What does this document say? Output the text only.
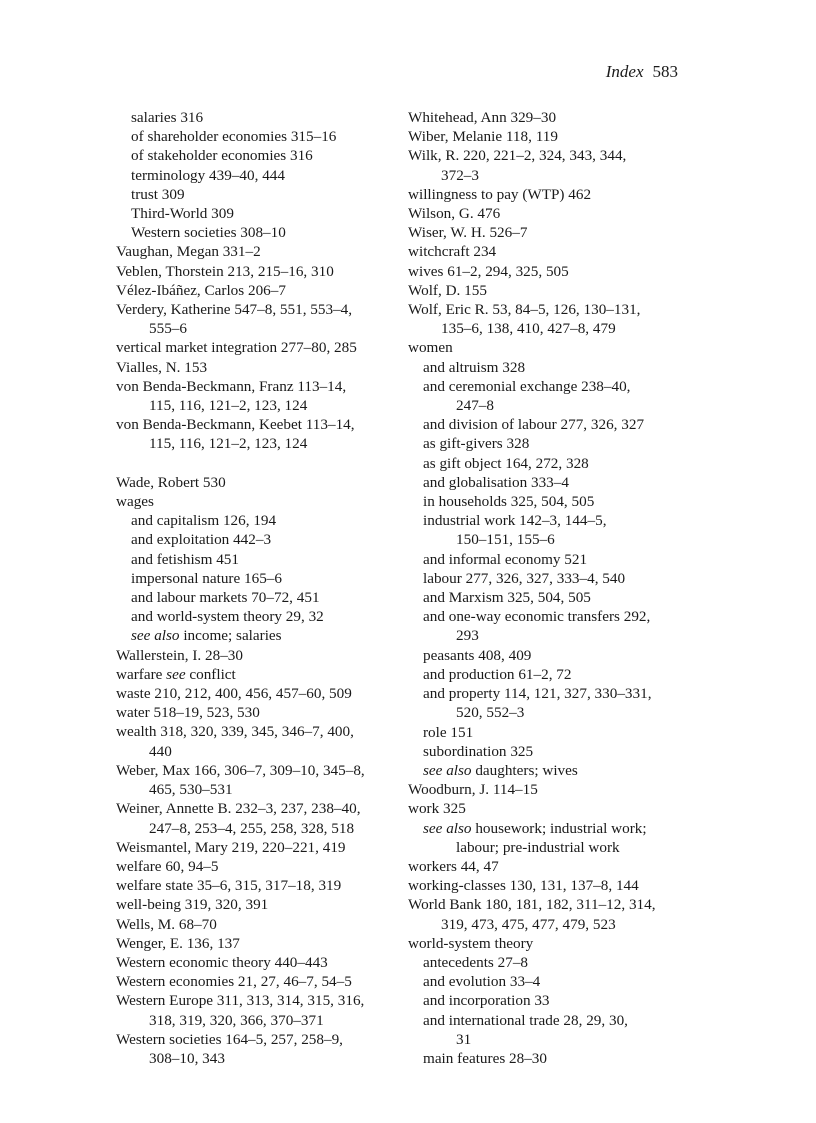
Index 583
salaries 316
of shareholder economies 315–16
of stakeholder economies 316
terminology 439–40, 444
trust 309
Third-World 309
Western societies 308–10
Vaughan, Megan 331–2
Veblen, Thorstein 213, 215–16, 310
Vélez-Ibáñez, Carlos 206–7
Verdery, Katherine 547–8, 551, 553–4,
555–6
vertical market integration 277–80, 285
Vialles, N. 153
von Benda-Beckmann, Franz 113–14,
115, 116, 121–2, 123, 124
von Benda-Beckmann, Keebet 113–14,
115, 116, 121–2, 123, 124
Wade, Robert 530
wages
and capitalism 126, 194
and exploitation 442–3
and fetishism 451
impersonal nature 165–6
and labour markets 70–72, 451
and world-system theory 29, 32
see also income; salaries
Wallerstein, I. 28–30
warfare see conflict
waste 210, 212, 400, 456, 457–60, 509
water 518–19, 523, 530
wealth 318, 320, 339, 345, 346–7, 400,
440
Weber, Max 166, 306–7, 309–10, 345–8,
465, 530–531
Weiner, Annette B. 232–3, 237, 238–40,
247–8, 253–4, 255, 258, 328, 518
Weismantel, Mary 219, 220–221, 419
welfare 60, 94–5
welfare state 35–6, 315, 317–18, 319
well-being 319, 320, 391
Wells, M. 68–70
Wenger, E. 136, 137
Western economic theory 440–443
Western economies 21, 27, 46–7, 54–5
Western Europe 311, 313, 314, 315, 316,
318, 319, 320, 366, 370–371
Western societies 164–5, 257, 258–9,
308–10, 343
Whitehead, Ann 329–30
Wiber, Melanie 118, 119
Wilk, R. 220, 221–2, 324, 343, 344,
372–3
willingness to pay (WTP) 462
Wilson, G. 476
Wiser, W. H. 526–7
witchcraft 234
wives 61–2, 294, 325, 505
Wolf, D. 155
Wolf, Eric R. 53, 84–5, 126, 130–131,
135–6, 138, 410, 427–8, 479
women
and altruism 328
and ceremonial exchange 238–40,
247–8
and division of labour 277, 326, 327
as gift-givers 328
as gift object 164, 272, 328
and globalisation 333–4
in households 325, 504, 505
industrial work 142–3, 144–5,
150–151, 155–6
and informal economy 521
labour 277, 326, 327, 333–4, 540
and Marxism 325, 504, 505
and one-way economic transfers 292,
293
peasants 408, 409
and production 61–2, 72
and property 114, 121, 327, 330–331,
520, 552–3
role 151
subordination 325
see also daughters; wives
Woodburn, J. 114–15
work 325
see also housework; industrial work;
labour; pre-industrial work
workers 44, 47
working-classes 130, 131, 137–8, 144
World Bank 180, 181, 182, 311–12, 314,
319, 473, 475, 477, 479, 523
world-system theory
antecedents 27–8
and evolution 33–4
and incorporation 33
and international trade 28, 29, 30,
31
main features 28–30
